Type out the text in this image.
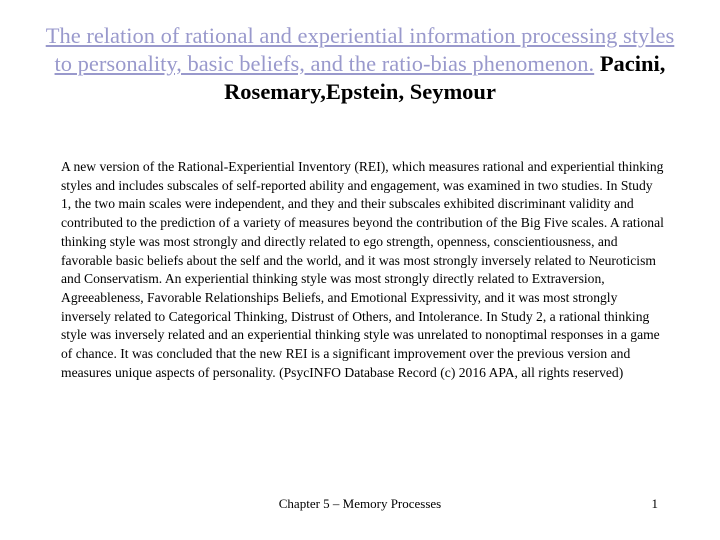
The relation of rational and experiential information processing styles to personality, basic beliefs, and the ratio-bias phenomenon. Pacini, Rosemary,Epstein, Seymour
A new version of the Rational-Experiential Inventory (REI), which measures rational and experiential thinking styles and includes subscales of self-reported ability and engagement, was examined in two studies. In Study 1, the two main scales were independent, and they and their subscales exhibited discriminant validity and contributed to the prediction of a variety of measures beyond the contribution of the Big Five scales. A rational thinking style was most strongly and directly related to ego strength, openness, conscientiousness, and favorable basic beliefs about the self and the world, and it was most strongly inversely related to Neuroticism and Conservatism. An experiential thinking style was most strongly directly related to Extraversion, Agreeableness, Favorable Relationships Beliefs, and Emotional Expressivity, and it was most strongly inversely related to Categorical Thinking, Distrust of Others, and Intolerance. In Study 2, a rational thinking style was inversely related and an experiential thinking style was unrelated to nonoptimal responses in a game of chance. It was concluded that the new REI is a significant improvement over the previous version and measures unique aspects of personality. (PsycINFO Database Record (c) 2016 APA, all rights reserved)
Chapter 5 – Memory Processes	1
